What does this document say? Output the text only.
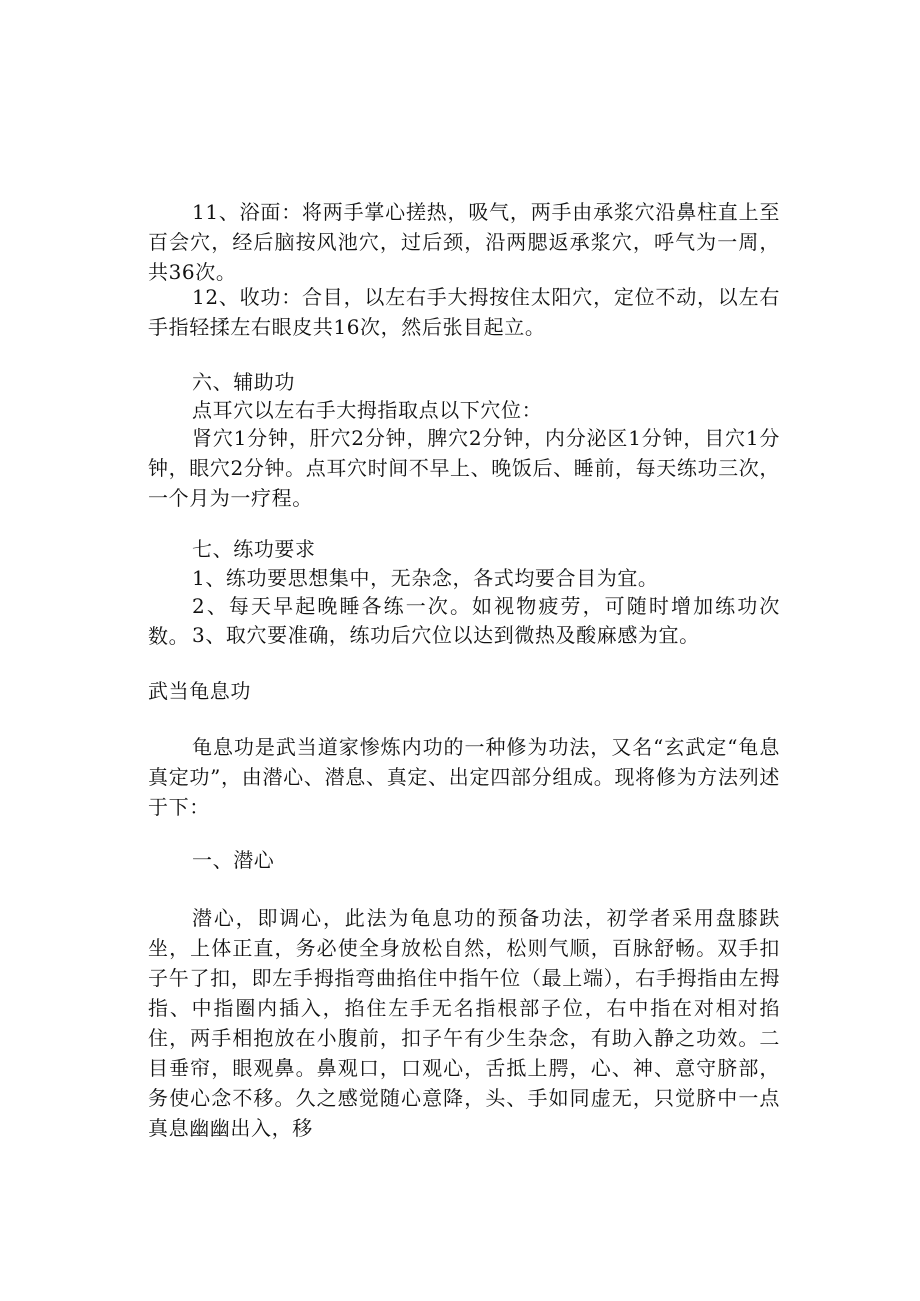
11、浴面：将两手掌心搓热，吸气，两手由承浆穴沿鼻柱直上至百会穴，经后脑按风池穴，过后颈，沿两腮返承浆穴，呼气为一周，共36次。

12、收功：合目，以左右手大拇按住太阳穴，定位不动，以左右手指轻揉左右眼皮共16次，然后张目起立。

六、辅助功

点耳穴以左右手大拇指取点以下穴位：

肾穴1分钟，肝穴2分钟，脾穴2分钟，内分泌区1分钟，目穴1分钟，眼穴2分钟。点耳穴时间不早上、晚饭后、睡前，每天练功三次，一个月为一疗程。

七、练功要求

1、练功要思想集中，无杂念，各式均要合目为宜。

2、每天早起晚睡各练一次。如视物疲劳，可随时增加练功次数。 3、取穴要准确，练功后穴位以达到微热及酸麻感为宜。

武当龟息功

龟息功是武当道家惨炼内功的一种修为功法，又名“玄武定“龟息真定功”，由潜心、潜息、真定、出定四部分组成。现将修为方法列述于下：

一、潜心

潜心，即调心，此法为龟息功的预备功法，初学者采用盘膝趺坐，上体正直，务必使全身放松自然，松则气顺，百脉舒畅。双手扣子午了扣，即左手拇指弯曲掐住中指午位（最上端），右手拇指由左拇指、中指圈内插入，掐住左手无名指根部子位，右中指在对相对掐住，两手相抱放在小腹前，扣子午有少生杂念，有助入静之功效。二目垂帘，眼观鼻。鼻观口，口观心，舌抵上腭，心、神、意守脐部，务使心念不移。久之感觉随心意降，头、手如同虚无，只觉脐中一点真息幽幽出入，移
